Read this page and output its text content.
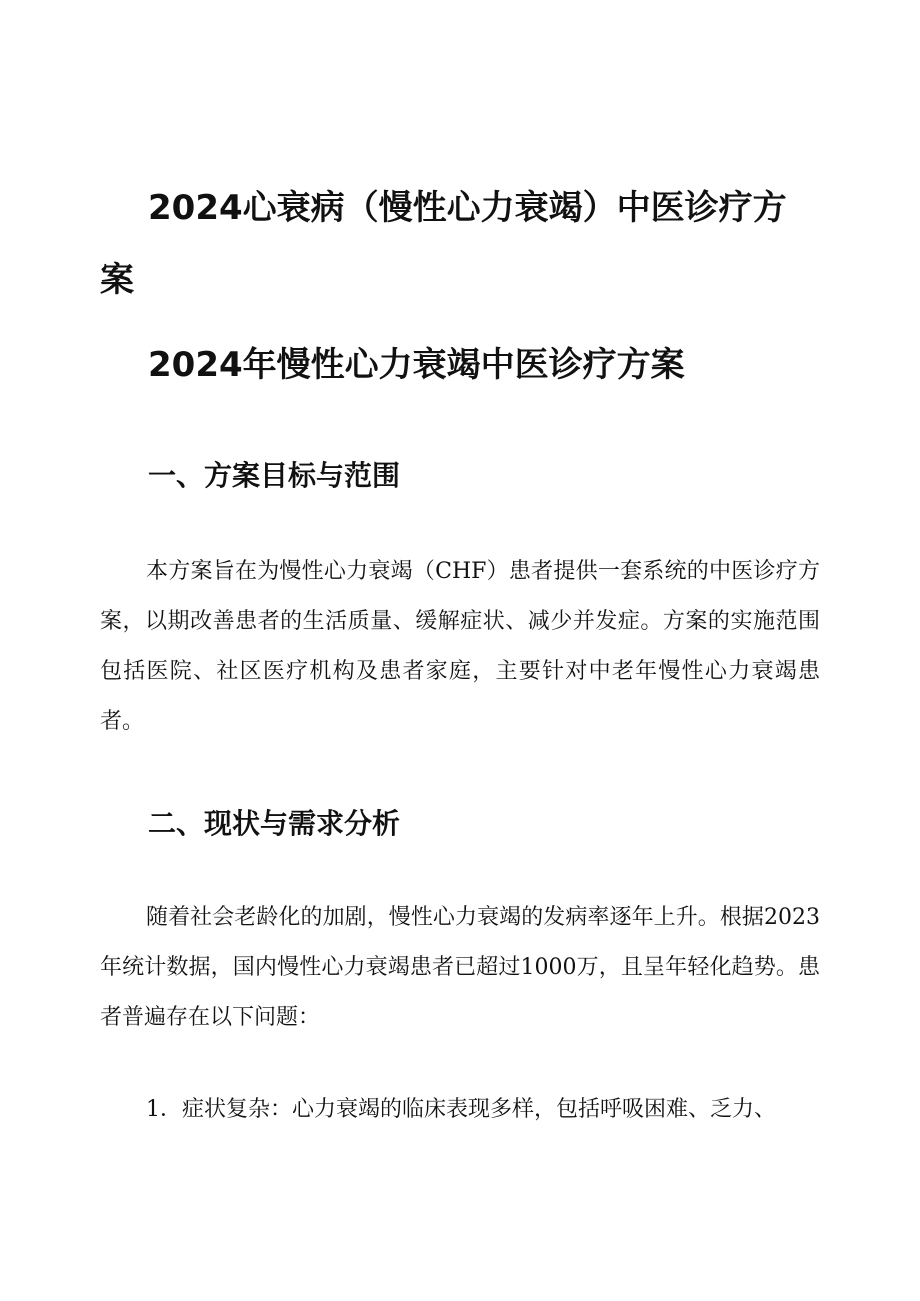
2024心衰病（慢性心力衰竭）中医诊疗方案
2024年慢性心力衰竭中医诊疗方案
一、方案目标与范围

本方案旨在为慢性心力衰竭（CHF）患者提供一套系统的中医诊疗方案，以期改善患者的生活质量、缓解症状、减少并发症。方案的实施范围包括医院、社区医疗机构及患者家庭，主要针对中老年慢性心力衰竭患者。

二、现状与需求分析

随着社会老龄化的加剧，慢性心力衰竭的发病率逐年上升。根据2023年统计数据，国内慢性心力衰竭患者已超过1000万，且呈年轻化趋势。患者普遍存在以下问题：

1．症状复杂：心力衰竭的临床表现多样，包括呼吸困难、乏力、
